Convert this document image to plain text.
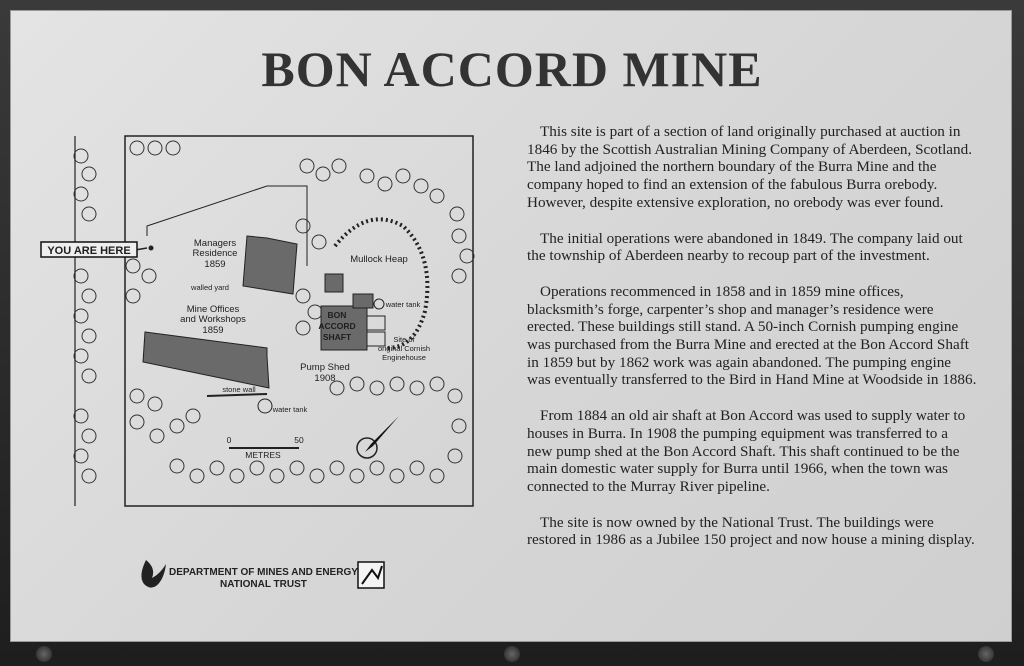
BON ACCORD MINE

This site is part of a section of land originally purchased at auction in 1846 by the Scottish Australian Mining Company of Aberdeen, Scotland. The land adjoined the northern boundary of the Burra Mine and the company hoped to find an extension of the fabulous Burra orebody. However, despite extensive exploration, no orebody was ever found.

The initial operations were abandoned in 1849. The company laid out the township of Aberdeen nearby to recoup part of the investment.

Operations recommenced in 1858 and in 1859 mine offices, blacksmith’s forge, carpenter’s shop and manager’s residence were erected. These buildings still stand. A 50-inch Cornish pumping engine was purchased from the Burra Mine and erected at the Bon Accord Shaft in 1859 but by 1862 work was again abandoned. The pumping engine was eventually transferred to the Bird in Hand Mine at Woodside in 1886.

From 1884 an old air shaft at Bon Accord was used to supply water to houses in Burra. In 1908 the pumping equipment was transferred to a new pump shed at the Bon Accord Shaft. This shaft continued to be the main domestic water supply for Burra until 1966, when the town was connected to the Murray River pipeline.

The site is now owned by the National Trust. The buildings were restored in 1986 as a Jubilee 150 project and now house a mining display.

YOU ARE HERE
Managers
Residence
1859
walled yard
Mine Offices
and Workshops
1859
Mullock Heap
BON
ACCORD
SHAFT
water tank
Site of
original Cornish
Enginehouse
Pump Shed
1908
stone wall
water tank
0	50
METRES
DEPARTMENT OF MINES AND ENERGY
NATIONAL TRUST
